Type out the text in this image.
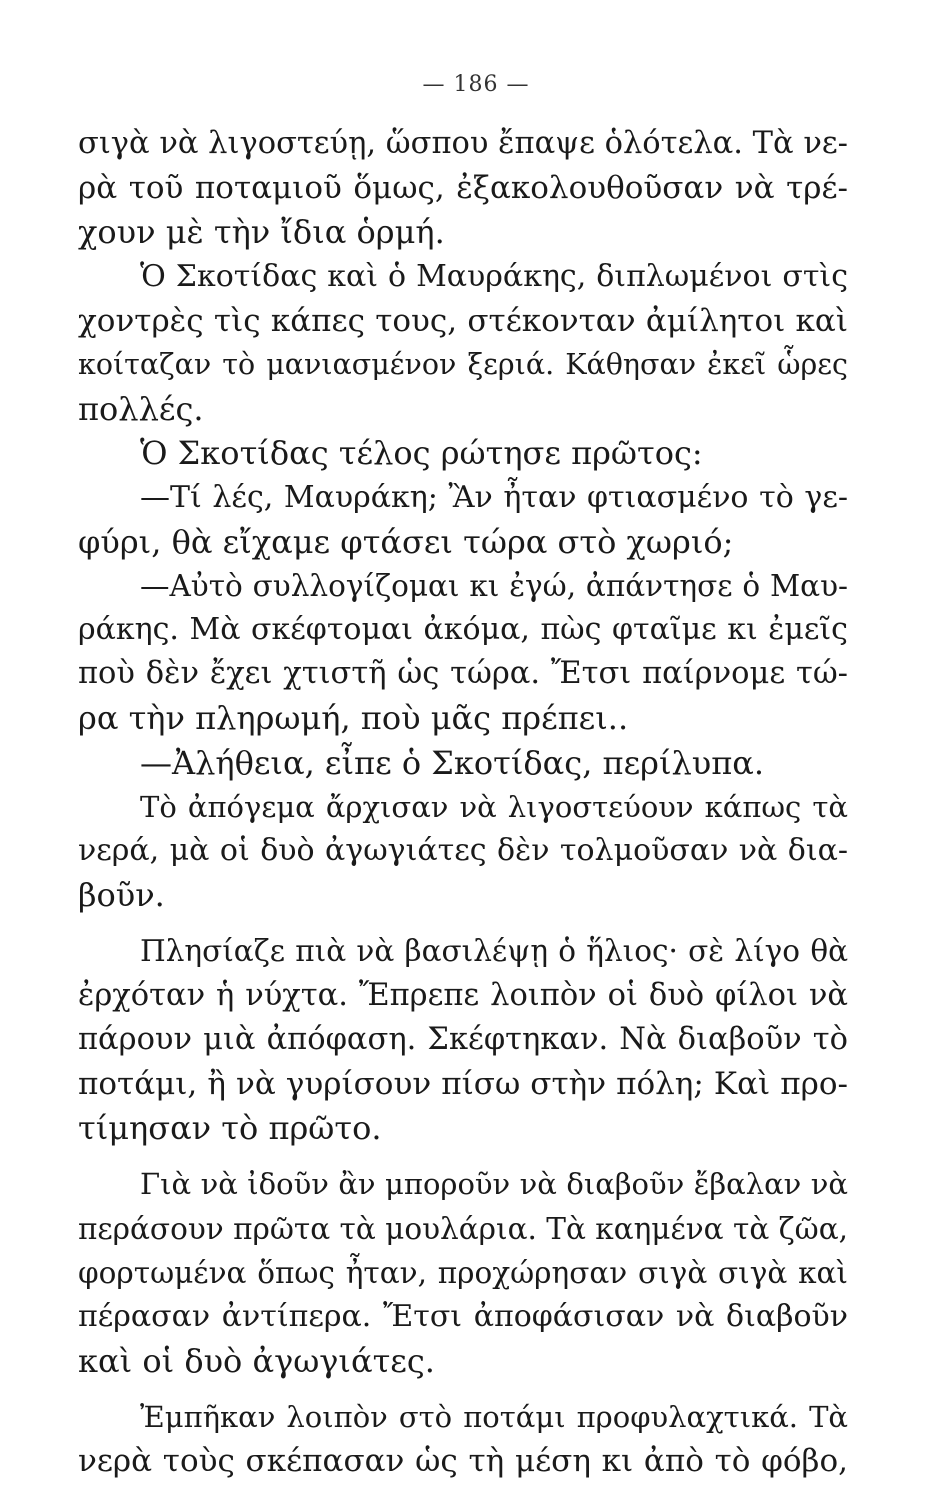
— 186 —
σιγὰ νὰ λιγοστεύῃ, ὥσπου ἔπαψε ὁλότελα. Τὰ νε-
ρὰ τοῦ ποταμιοῦ ὅμως, ἐξακολουθοῦσαν νὰ τρέ-
χουν μὲ τὴν ἴδια ὁρμή.
Ὁ Σκοτίδας καὶ ὁ Μαυράκης, διπλωμένοι στὶς
χοντρὲς τὶς κάπες τους, στέκονταν ἀμίλητοι καὶ
κοίταζαν τὸ μανιασμένον ξεριά. Κάθησαν ἐκεῖ ὧρες
πολλές.
Ὁ Σκοτίδας τέλος ρώτησε πρῶτος:
—Τί λές, Μαυράκη; Ἂν ἦταν φτιασμένο τὸ γε-
φύρι, θὰ εἴχαμε φτάσει τώρα στὸ χωριό;
—Αὐτὸ συλλογίζομαι κι ἐγώ, ἀπάντησε ὁ Μαυ-
ράκης. Μὰ σκέφτομαι ἀκόμα, πὼς φταῖμε κι ἐμεῖς
ποὺ δὲν ἔχει χτιστῆ ὡς τώρα. Ἔτσι παίρνομε τώ-
ρα τὴν πληρωμή, ποὺ μᾶς πρέπει..
—Ἀλήθεια, εἶπε ὁ Σκοτίδας, περίλυπα.
Τὸ ἀπόγεμα ἄρχισαν νὰ λιγοστεύουν κάπως τὰ
νερά, μὰ οἱ δυὸ ἀγωγιάτες δὲν τολμοῦσαν νὰ δια-
βοῦν.
Πλησίαζε πιὰ νὰ βασιλέψῃ ὁ ἥλιος· σὲ λίγο θὰ
ἐρχόταν ἡ νύχτα. Ἔπρεπε λοιπὸν οἱ δυὸ φίλοι νὰ
πάρουν μιὰ ἀπόφαση. Σκέφτηκαν. Νὰ διαβοῦν τὸ
ποτάμι, ἢ νὰ γυρίσουν πίσω στὴν πόλη; Καὶ προ-
τίμησαν τὸ πρῶτο.
Γιὰ νὰ ἰδοῦν ἂν μποροῦν νὰ διαβοῦν ἔβαλαν νὰ
περάσουν πρῶτα τὰ μουλάρια. Τὰ καημένα τὰ ζῶα,
φορτωμένα ὅπως ἦταν, προχώρησαν σιγὰ σιγὰ καὶ
πέρασαν ἀντίπερα. Ἔτσι ἀποφάσισαν νὰ διαβοῦν
καὶ οἱ δυὸ ἀγωγιάτες.
Ἐμπῆκαν λοιπὸν στὸ ποτάμι προφυλαχτικά. Τὰ
νερὰ τοὺς σκέπασαν ὡς τὴ μέση κι ἀπὸ τὸ φόβο,
